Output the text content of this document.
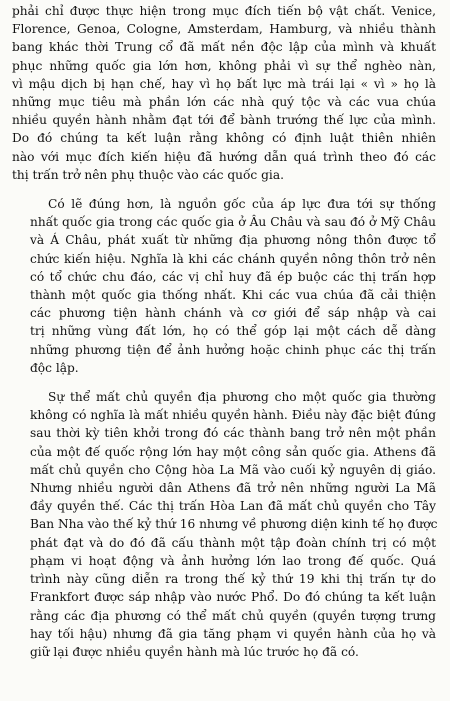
phải chỉ được thực hiện trong mục đích tiến bộ vật chất. Venice,
Florence, Genoa, Cologne, Amsterdam, Hamburg, và nhiều thành
bang khác thời Trung cổ đã mất nền độc lập của mình và khuất
phục những quốc gia lớn hơn, không phải vì sự thể nghèo nàn,
vì mậu dịch bị hạn chế, hay vì họ bất lực mà trái lại « vì » họ là
những mục tiêu mà phần lớn các nhà quý tộc và các vua chúa
nhiều quyền hành nhằm đạt tới để bành trướng thế lực của mình.
Do đó chúng ta kết luận rằng không có định luật thiên nhiên
nào với mục đích kiến hiệu đã hướng dẫn quá trình theo đó các
thị trấn trở nên phụ thuộc vào các quốc gia.

Có lẽ đúng hơn, là nguồn gốc của áp lực đưa tới sự thống
nhất quốc gia trong các quốc gia ở Âu Châu và sau đó ở Mỹ Châu
và Á Châu, phát xuất từ những địa phương nông thôn được tổ
chức kiến hiệu. Nghĩa là khi các chánh quyền nông thôn trở nên
có tổ chức chu đáo, các vị chỉ huy đã ép buộc các thị trấn hợp
thành một quốc gia thống nhất. Khi các vua chúa đã cải thiện
các phương tiện hành chánh và cơ giới để sáp nhập và cai
trị những vùng đất lớn, họ có thể góp lại một cách dễ dàng
những phương tiện để ảnh hưởng hoặc chinh phục các thị trấn
độc lập.

Sự thể mất chủ quyền địa phương cho một quốc gia thường
không có nghĩa là mất nhiều quyền hành. Điều này đặc biệt đúng
sau thời kỳ tiên khởi trong đó các thành bang trở nên một phần
của một đế quốc rộng lớn hay một công sản quốc gia. Athens đã
mất chủ quyền cho Cộng hòa La Mã vào cuối kỷ nguyên dị giáo.
Nhưng nhiều người dân Athens đã trở nên những người La Mã
đầy quyền thế. Các thị trấn Hòa Lan đã mất chủ quyền cho Tây
Ban Nha vào thế kỷ thứ 16 nhưng về phương diện kinh tế họ được
phát đạt và do đó đã cấu thành một tập đoàn chính trị có một
phạm vi hoạt động và ảnh hưởng lớn lao trong đế quốc. Quá
trình này cũng diễn ra trong thế kỷ thứ 19 khi thị trấn tự do
Frankfort được sáp nhập vào nước Phổ. Do đó chúng ta kết luận
rằng các địa phương có thể mất chủ quyền (quyền tượng trưng
hay tối hậu) nhưng đã gia tăng phạm vi quyền hành của họ và
giữ lại được nhiều quyền hành mà lúc trước họ đã có.
